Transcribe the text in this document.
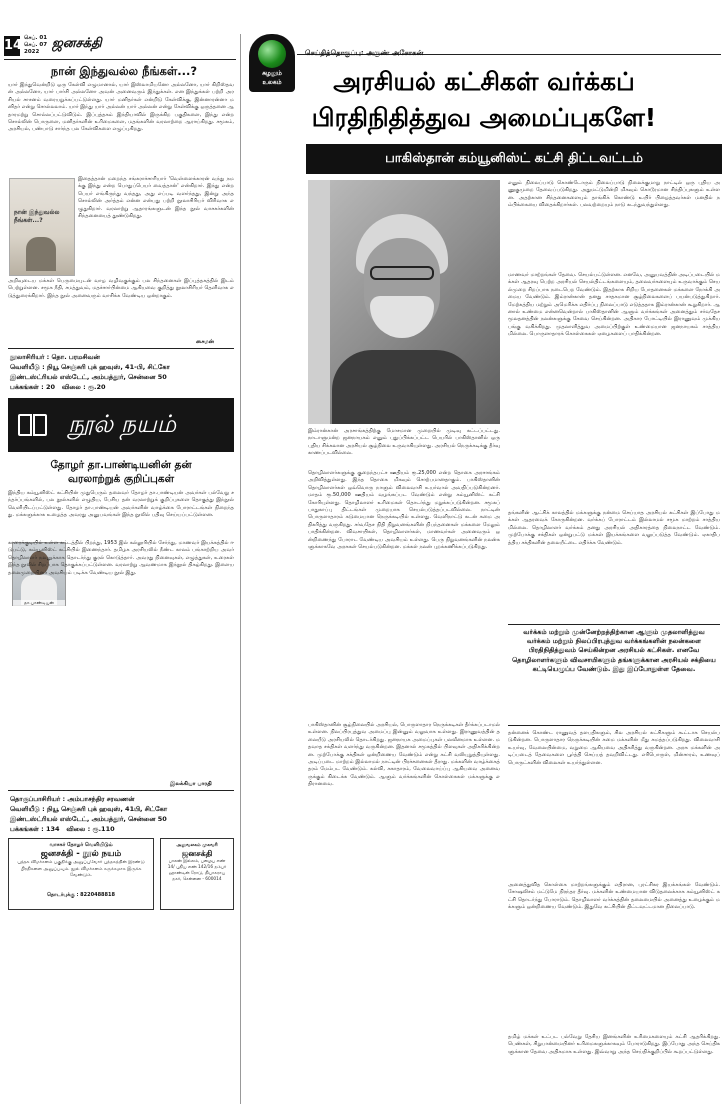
14 செப். 01
செப். 07
2022
ஜனசக்தி
நான் இந்துவல்ல நீங்கள்...?
யார் இந்துவென்றிடு ஒரு கேள்வி எழுமானால், யார் இஸ்லாமியனோ அல்லனோ, யார் கிறிஸ்தவன் அல்லனோ, யார் பார்சி அல்லனோ அவன் அனைவரும் இந்துக்கள். என இந்துக்கள் பற்றி அரசியல் சாசனம் வரையறுக்கப்பட்டுள்ளது. யார் மனிதர்கள் என்றிடு கேள்விக்கு, இன்னாரன்னா மனிதர் என்று சொல்லலாம். யார் இந்து யார் அல்லன் யார் அல்லன் என்று கேள்விக்கு ஒருத்தனை ஆதாரமற்று சொல்லப்பட்டுவிடும். இப்புத்தகம் இந்தியாவில் இருக்கிற பகுதிகளை, இந்து என்ற சொல்லின் பொருளை, மனிதர்களின் உரிமைகளை, மதங்களின் வரலாற்றை ஆராய்கிறது. சமூகம், அரசியல், பண்பாடு சார்ந்த பல கேள்விகளை எழுப்புகிறது.
நான் இந்துவல்ல நீங்கள்...?
இதைத்தான் மறைந்த சங்கராச்சாரியார் 'வெள்ளைக்காரன் வந்து நமக்கு இந்து என்ற பொதுப்பெயர் வைத்தான்' என்கிறார். இந்து என்ற பெயர் எங்கிருந்து வந்தது, அது எப்படி வளர்ந்தது, இன்று அந்த சொல்லின் அர்த்தம் என்ன என்பது பற்றி நூலாசிரியர் விரிவாக எழுதுகிறார். வரலாற்று ஆதாரங்களுடன் இந்த நூல் வாசகர்களின் சிந்தனையைத் தூண்டுகிறது.
அறிவுடைய மக்கள் பெருமையுடன் வாழ வழிவகுக்கும் பல சிந்தனைகள் இப்புத்தகத்தில் இடம் பெற்றுள்ளன. சமூக நீதி, சமத்துவம், மதச்சார்பின்மை ஆகியவை குறித்து நூலாசிரியர் தெளிவாக எடுத்துரைக்கிறார். இந்த நூல் அனைவரும் வாசிக்க வேண்டிய ஒன்றாகும்.
சைமன்
நூலாசிரியர் : தொ. பரமசிவன்
வெளியீடு : நியூ செஞ்சுரி புக் ஹவுஸ், 41-பி, சிட்கோ
இண்டஸ்ட்ரியல் எஸ்டேட், அம்பத்தூர், சென்னை 50
பக்கங்கள் : 20 விலை : ரூ.20
நூல் நயம்
தோழர் தா.பாண்டியனின் தன்
வரலாற்றுக் குறிப்புகள்
இந்திய கம்யூனிஸ்ட் கட்சியின் முதுபெரும் தலைவர் தோழர் தா.பாண்டியன் அவர்கள் பல்வேறு சந்தர்ப்பங்களில், பல நூல்களில் எழுதிய, பேசிய தன் வரலாற்றுக் குறிப்புகளை தொகுத்து இந்நூல் வெளியிடப்பட்டுள்ளது. தோழர் தா.பாண்டியன் அவர்களின் வாழ்க்கை போராட்டங்கள் நிறைந்தது. மக்களுக்காக உழைத்த அவரது அனுபவங்கள் இந்த நூலில் பதிவு செய்யப்பட்டுள்ளன.
தா.பாண்டியன்
காரைக்குடியில் உள்ள கட்டத்தில் பிறந்து, 1953 இல் கல்லூரியில் சேர்ந்து, மாணவர் இயக்கத்தில் ஈடுபட்டு, கம்யூனிஸ்ட் கட்சியில் இணைந்தார். தமிழக அரசியலில் நீண்ட காலம் பங்காற்றிய அவர் தொழிலாளர் நலனுக்காக தொடர்ந்து குரல் கொடுத்தார். அவரது நினைவுகள், எழுத்துகள், உரைகள் இந்த நூலில் சிறப்பாக தொகுக்கப்பட்டுள்ளன. வரலாற்று ஆவணமாக இந்நூல் திகழ்கிறது. இளைய தலைமுறையினர் அவசியம் படிக்க வேண்டிய நூல் இது.
இலக்கியா பாரதி
தொகுப்பாசிரியர் : அம்பாசந்திர சரவணன்
வெளியீடு : நியூ செஞ்சுரி புக் ஹவுஸ், 41பி, சிட்கோ
இண்டஸ்ட்ரியல் எஸ்டேட், அம்பத்தூர், சென்னை 50
பக்கங்கள் : 134 விலை : ரூ.110
வாசகர் தோழர் வெளியிடும்
ஜனசக்தி - நூல் நயம்
புத்தக விமர்சனம் பகுதிக்கு அனுப்புவோர் புத்தகத்தின் இரண்டு பிரதிகளை அனுப்பவும். நூல் விமர்சனம் சுருக்கமாக இருக்க வேண்டும்.
தொடர்புக்கு : 8220488818
அலுவலகம் முகவரி
ஜனசக்தி
பாலன் இல்லம், பழைய எண் 14/ புதிய எண் 142/16 நம்பர் ஹாண்டின் ரோடு, தியாகராய நகர், சென்னை - 600014
சுழலும்
உலகம்
செய்தித்தொகுப்பு: அருண் அசோகன்
அரசியல் கட்சிகள் வர்க்கப்
பிரதிநிதித்துவ அமைப்புகளே!
பாகிஸ்தான் கம்யூனிஸ்ட் கட்சி திட்டவட்டம்
இம்ரான்கான் அரசாங்கத்திற்கு மோசமான முறையில் முடிவு கட்டப்பட்டது. நாடாளுமன்ற ஜனநாயகம் எனும் புதுப்பிக்கப்பட்ட பெயரில் பாகிஸ்தானில் ஒரு புதிய சிக்கலான அரசியல் சூழ்நிலை உருவாகியுள்ளது. அரசியல் நெருக்கடிக்கு தீர்வு காணப்படவில்லை.
தொழிலாளர்களுக்கு குறைந்தபட்ச ஊதியம் ரூ.25,000 என்ற தொகை அரசாங்கம் அறிவித்துள்ளது. இந்த தொகை மிகவும் சொற்பமானதாகும். பாகிஸ்தானின் தொழிலாளர்கள் ஒவ்வொரு நாளும் விலைவாசி உயர்வால் அவதிப்படுகின்றனர். மாதம் ரூ.50,000 ஊதியம் வழங்கப்பட வேண்டும் என்று கம்யூனிஸ்ட் கட்சி கோரியுள்ளது. தொழிலாளர் உரிமைகள் தொடர்ந்து மறுக்கப்படுகின்றன. சமூகப் பாதுகாப்பு திட்டங்கள் முறையாக செயல்படுத்தப்படவில்லை. நாட்டின் பொருளாதாரம் கடுமையான நெருக்கடியில் உள்ளது. வெளிநாட்டு கடன் சுமை அதிகரித்து வருகிறது. சர்வதேச நிதி நிறுவனங்களின் நிபந்தனைகள் மக்களை மேலும் பாதிக்கின்றன. விவசாயிகள், தொழிலாளர்கள், மாணவர்கள் அனைவரும் ஒன்றிணைந்து போராட வேண்டிய அவசியம் உள்ளது. பெரு நிறுவனங்களின் நலன்களுக்காகவே அரசுகள் செயல்படுகின்றன. மக்கள் நலன் புறக்கணிக்கப்படுகிறது.
பாகிஸ்தானின் சூழ்நிலையில் அரசியல், பொருளாதார நெருக்கடிகள் தீர்க்கப்படாமல் உள்ளன. நிலப்பிரபுத்துவ அமைப்பு இன்னும் வலுவாக உள்ளது. இராணுவத்தின் தலையீடு அரசியலில் தொடர்கிறது. ஜனநாயக அமைப்புகள் பலவீனமாக உள்ளன. மதவாத சக்திகள் வளர்ந்து வருகின்றன. இதனால் சமூகத்தில் பிளவுகள் அதிகரிக்கின்றன. முற்போக்கு சக்திகள் ஒன்றிணைய வேண்டும் என்று கட்சி வலியுறுத்தியுள்ளது. அடிப்படை மாற்றம் இல்லாமல் நாட்டின் பிரச்சனைகள் தீராது. மக்களின் வாழ்க்கைத் தரம் மேம்பட வேண்டும். கல்வி, சுகாதாரம், வேலைவாய்ப்பு ஆகியவை அனைவருக்கும் கிடைக்க வேண்டும். ஆளும் வர்க்கங்களின் கொள்கைகள் மக்களுக்கு எதிரானவை.
எனும் நிலைப்பாடு கொண்டோரும் நிலைப்பாடு நிலைக்குமாறு நாட்டில் ஒரு புதிய அணுகுமுறை தேவைப்படுகிறது. அதுமட்டுமின்றி மிகவும் கொடூரமான சிந்திப்புகளும் உள்ளன. அதற்கான சிந்தனைகளையும் தாங்கிக் கொண்டு உயிர் பிழைத்தவர்கள் மனதில் நம்பிக்கையை விதைக்கிறார்கள். பலவற்றையும் நாடு கடந்துவந்துள்ளது.
மாணவர் மாற்றங்கள் தேவை. செயல்பட்டுள்ளன. எனவே, அனுபவத்தின் அடிப்படையில் மக்கள் ஆதரவு பெற்ற அரசியல் செயல்திட்டங்களையும், தலைவர்களையும் உருவாக்கும் செயல்முறை சிறப்பாக நடைபெற வேண்டும். இதற்காக சிறிய போதனைகள் மக்களை நோக்கி அமைய வேண்டும். இம்ரான்கான் தனது சாதகமான சூழ்நிலைகளைப் பயன்படுத்துகிறார். மேற்கத்திய மற்றும் அமெரிக்க எதிர்ப்பு நிலைப்பாடு எடுத்ததாக இம்ரான்கான் கூறுகிறார். ஆனால் உண்மை என்னவென்றால் பாகிஸ்தானின் ஆளும் வர்க்கங்கள் அனைத்தும் சர்வதேச மூலதனத்தின் நலன்களுக்கு சேவை செய்கின்றன. அதிகார போட்டியில் இராணுவம் முக்கிய பங்கு வகிக்கிறது. முதலாளித்துவ அமைப்பிற்குள் உண்மையான ஜனநாயகம் சாத்தியமில்லை. பொருளாதாரக் கொள்கைகள் ஏழைகளைப் பாதிக்கின்றன.
தங்களின் ஆட்சிக் காலத்தில் மக்களுக்கு நன்மை செய்யாத அரசியல் கட்சிகள் இப்போது மக்கள் ஆதரவைக் கோருகின்றன. வர்க்கப் போராட்டம் இல்லாமல் சமூக மாற்றம் சாத்தியமில்லை. தொழிலாளர் வர்க்கம் தனது அரசியல் அதிகாரத்தை நிலைநாட்ட வேண்டும். முற்போக்கு சக்திகள் ஒன்றுபட்டு மக்கள் இயக்கங்களை வலுப்படுத்த வேண்டும். ஏகாதிபத்திய சக்திகளின் தலையீட்டை எதிர்க்க வேண்டும்.
வர்க்கம் மற்றும் முன்னேற்றத்திற்கான ஆளும் முதலாளித்துவ வர்க்கம் மற்றும் நிலப்பிரபுத்துவ வர்க்கங்களின் நலன்களை பிரதிநிதித்துவம் செய்கின்றன அரசியல் கட்சிகள். எனவே தொழிலாளர்களும் விவசாயிகளும் தங்களுக்கான அரசியல் சக்தியை கட்டியெழுப்ப வேண்டும். இது இப்போதுள்ள தேவை.
தன்னைக் கொண்ட ராணுவத் தளபதிகளும், சில அரசியல் கட்சிகளும் கூட்டாக செயல்படுகின்றன. பொருளாதார நெருக்கடியின் சுமை மக்களின் மீது சுமத்தப்படுகிறது. விலைவாசி உயர்வு, வேலையின்மை, வறுமை ஆகியவை அதிகரித்து வருகின்றன. அரசு மக்களின் அடிப்படைத் தேவைகளை பூர்த்தி செய்யத் தவறிவிட்டது. எரிபொருள், மின்சாரம், உணவுப் பொருட்களின் விலைகள் உயர்ந்துள்ளன.
அனைத்துவித கொள்கை மாற்றங்களுக்கும் எதிரான, புரட்சிகர இயக்கங்கள் வேண்டும். சோஷலிசம் மட்டுமே நிரந்தர தீர்வு. மக்களின் உண்மையான விடுதலைக்காக கம்யூனிஸ்ட் கட்சி தொடர்ந்து போராடும். தொழிலாளர் வர்க்கத்தின் தலைமையில் அனைத்து உழைக்கும் மக்களும் ஒன்றிணைய வேண்டும். இதுவே கட்சியின் திட்டவட்டமான நிலைப்பாடு.
தமிழ் மக்கள் உட்பட பல்வேறு தேசிய இனங்களின் உரிமைகளையும் கட்சி ஆதரிக்கிறது. பெண்கள், சிறுபான்மையினர் உரிமைகளுக்காகவும் போராடுகிறது. இப்போது அந்த செய்திகளுக்கான தேவை அதிகமாக உள்ளது. இவ்வாறு அந்த செய்திக்குறிப்பில் கூறப்பட்டுள்ளது.
